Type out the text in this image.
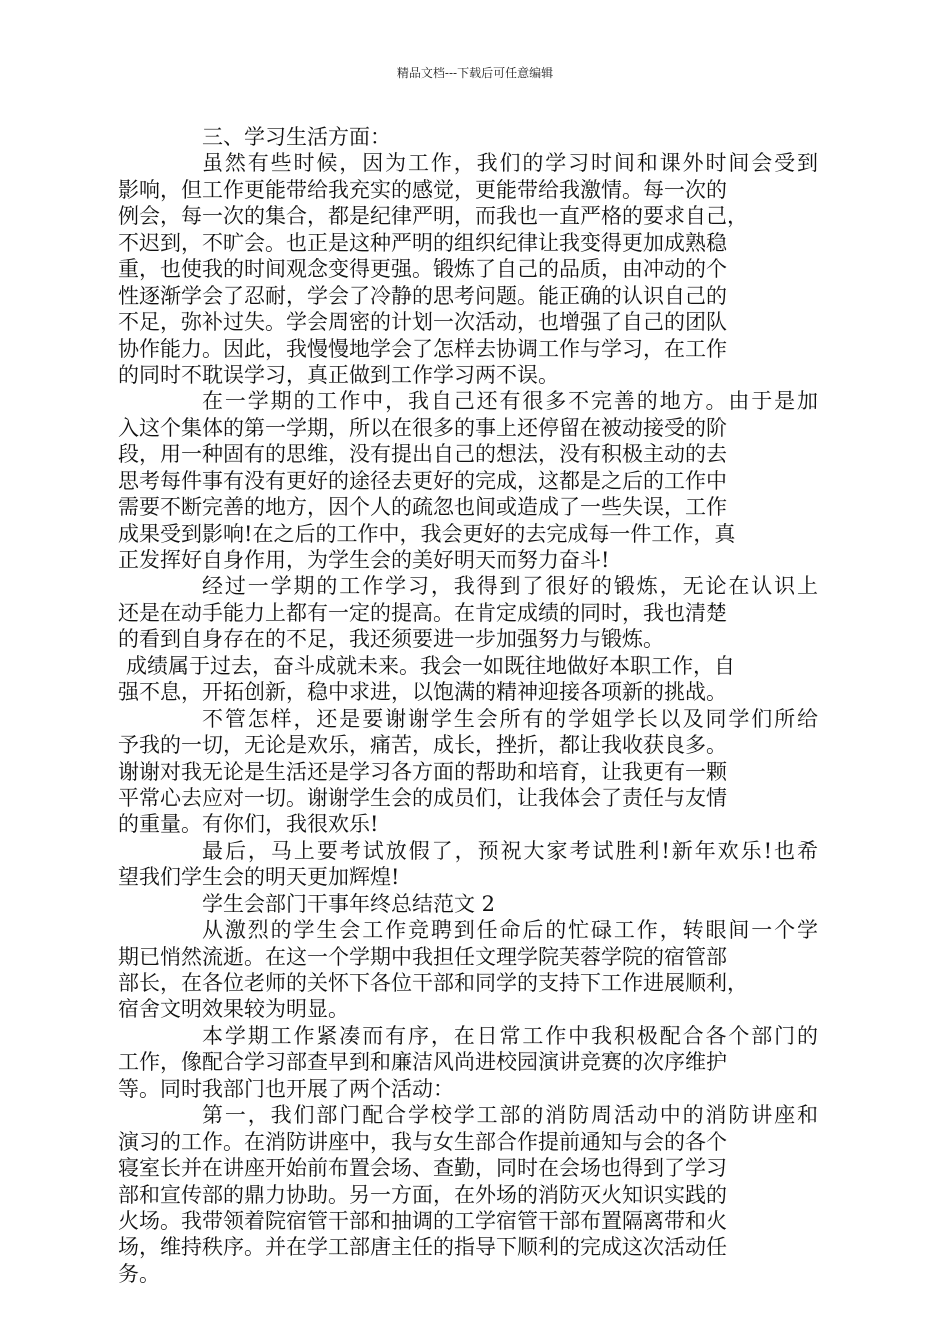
精品文档---下载后可任意编辑
三、学习生活方面：
虽然有些时候，因为工作，我们的学习时间和课外时间会受到
影响，但工作更能带给我充实的感觉，更能带给我激情。每一次的
例会，每一次的集合，都是纪律严明，而我也一直严格的要求自己，
不迟到，不旷会。也正是这种严明的组织纪律让我变得更加成熟稳
重，也使我的时间观念变得更强。锻炼了自己的品质，由冲动的个
性逐渐学会了忍耐，学会了冷静的思考问题。能正确的认识自己的
不足，弥补过失。学会周密的计划一次活动，也增强了自己的团队
协作能力。因此，我慢慢地学会了怎样去协调工作与学习，在工作
的同时不耽误学习，真正做到工作学习两不误。
在一学期的工作中，我自己还有很多不完善的地方。由于是加
入这个集体的第一学期，所以在很多的事上还停留在被动接受的阶
段，用一种固有的思维，没有提出自己的想法，没有积极主动的去
思考每件事有没有更好的途径去更好的完成，这都是之后的工作中
需要不断完善的地方，因个人的疏忽也间或造成了一些失误，工作
成果受到影响!在之后的工作中，我会更好的去完成每一件工作，真
正发挥好自身作用，为学生会的美好明天而努力奋斗!
经过一学期的工作学习，我得到了很好的锻炼，无论在认识上
还是在动手能力上都有一定的提高。在肯定成绩的同时，我也清楚
的看到自身存在的不足，我还须要进一步加强努力与锻炼。
成绩属于过去，奋斗成就未来。我会一如既往地做好本职工作，自
强不息，开拓创新，稳中求进，以饱满的精神迎接各项新的挑战。
不管怎样，还是要谢谢学生会所有的学姐学长以及同学们所给
予我的一切，无论是欢乐，痛苦，成长，挫折，都让我收获良多。
谢谢对我无论是生活还是学习各方面的帮助和培育，让我更有一颗
平常心去应对一切。谢谢学生会的成员们，让我体会了责任与友情
的重量。有你们，我很欢乐!
最后，马上要考试放假了，预祝大家考试胜利!新年欢乐!也希
望我们学生会的明天更加辉煌!
学生会部门干事年终总结范文 2
从激烈的学生会工作竞聘到任命后的忙碌工作，转眼间一个学
期已悄然流逝。在这一个学期中我担任文理学院芙蓉学院的宿管部
部长，在各位老师的关怀下各位干部和同学的支持下工作进展顺利，
宿舍文明效果较为明显。
本学期工作紧凑而有序，在日常工作中我积极配合各个部门的
工作，像配合学习部查早到和廉洁风尚进校园演讲竞赛的次序维护
等。同时我部门也开展了两个活动：
第一，我们部门配合学校学工部的消防周活动中的消防讲座和
演习的工作。在消防讲座中，我与女生部合作提前通知与会的各个
寝室长并在讲座开始前布置会场、查勤，同时在会场也得到了学习
部和宣传部的鼎力协助。另一方面，在外场的消防灭火知识实践的
火场。我带领着院宿管干部和抽调的工学宿管干部布置隔离带和火
场，维持秩序。并在学工部唐主任的指导下顺利的完成这次活动任
务。
